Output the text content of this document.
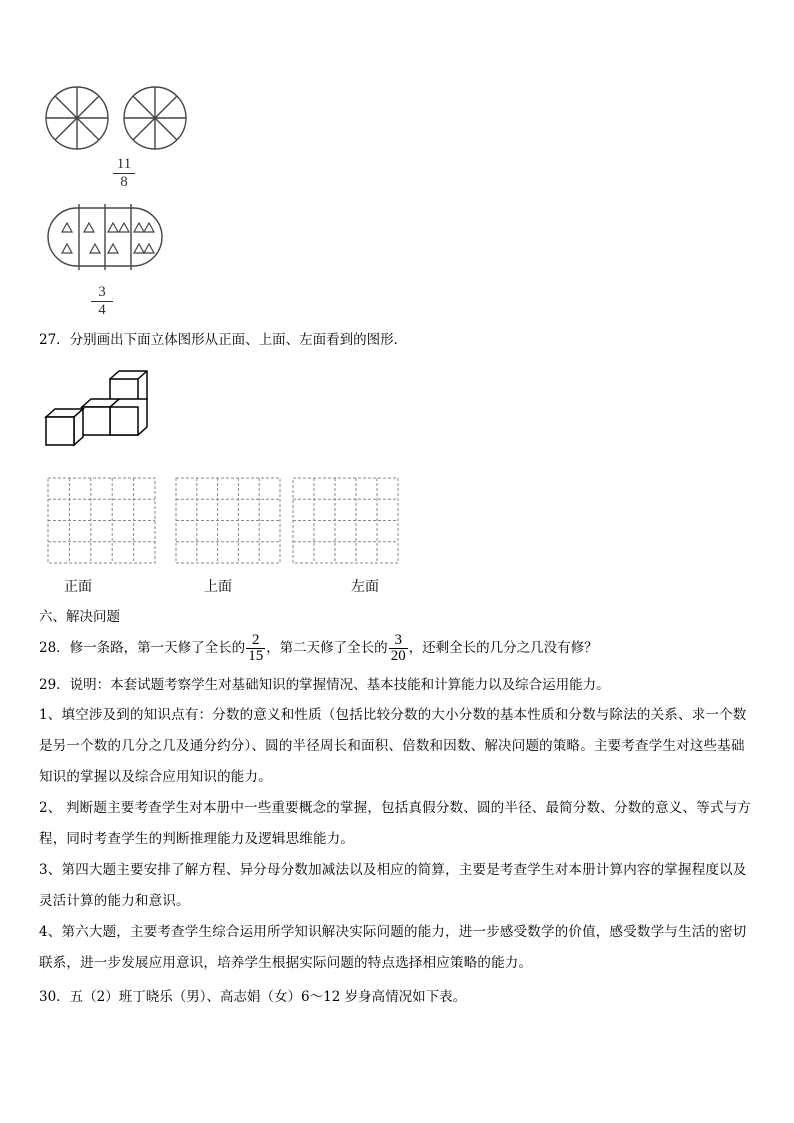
$\frac{11}{8}$
$\frac{3}{4}$
27．分别画出下面立体图形从正面、上面、左面看到的图形．
正面	上面	左面
六、解决问题
28．修一条路，第一天修了全长的 $\frac{2}{15}$ ，第二天修了全长的 $\frac{3}{20}$ ，还剩全长的几分之几没有修？
29．说明：本套试题考察学生对基础知识的掌握情况、基本技能和计算能力以及综合运用能力。
1、填空涉及到的知识点有：分数的意义和性质（包括比较分数的大小分数的基本性质和分数与除法的关系、求一个数是另一个数的几分之几及通分约分）、圆的半径周长和面积、倍数和因数、解决问题的策略。主要考查学生对这些基础知识的掌握以及综合应用知识的能力。
2、 判断题主要考查学生对本册中一些重要概念的掌握，包括真假分数、圆的半径、最简分数、分数的意义、等式与方程，同时考查学生的判断推理能力及逻辑思维能力。
3、第四大题主要安排了解方程、异分母分数加减法以及相应的简算，主要是考查学生对本册计算内容的掌握程度以及灵活计算的能力和意识。
4、第六大题，主要考查学生综合运用所学知识解决实际问题的能力，进一步感受数学的价值，感受数学与生活的密切联系，进一步发展应用意识，培养学生根据实际问题的特点选择相应策略的能力。
30．五（2）班丁晓乐（男）、高志娟（女）6～12 岁身高情况如下表。
